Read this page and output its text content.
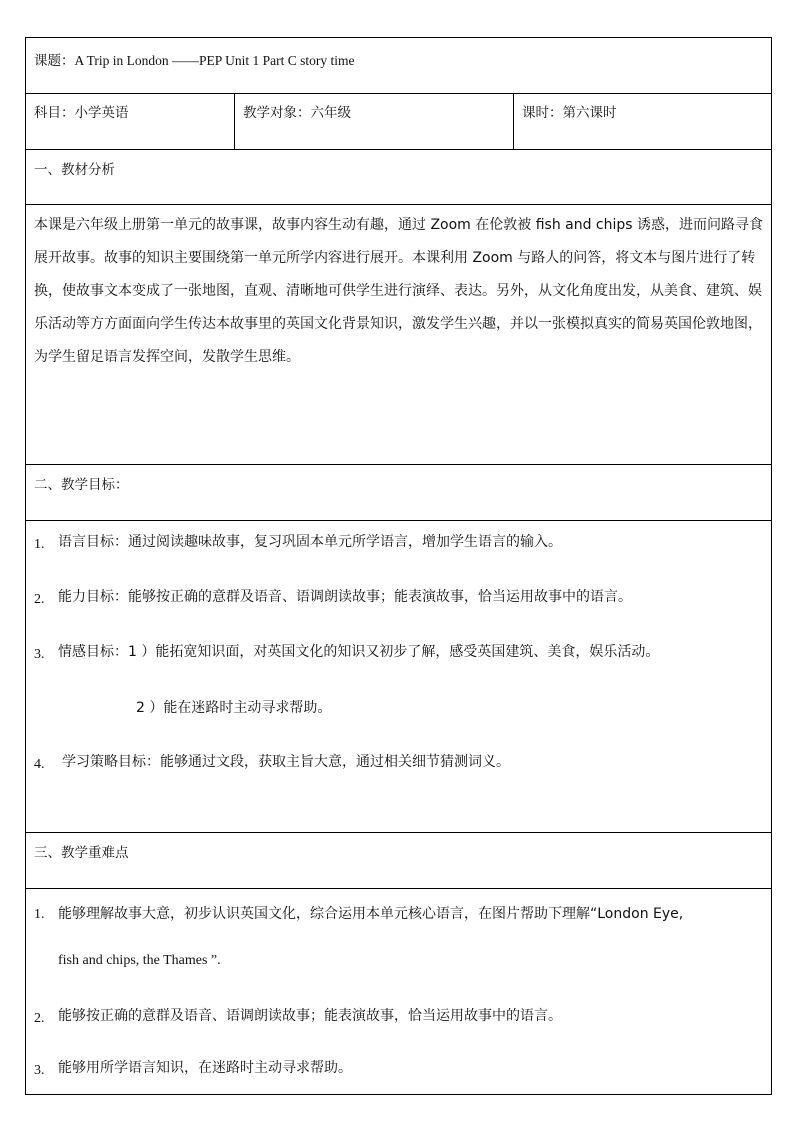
课题：A Trip in London ——PEP Unit 1 Part C story time
科目：小学英语	教学对象：六年级	课时：第六课时
一、教材分析
本课是六年级上册第一单元的故事课，故事内容生动有趣，通过 Zoom 在伦敦被 fish and chips 诱惑，进而问路寻食展开故事。故事的知识主要围绕第一单元所学内容进行展开。本课利用 Zoom 与路人的问答，将文本与图片进行了转换，使故事文本变成了一张地图，直观、清晰地可供学生进行演绎、表达。另外，从文化角度出发，从美食、建筑、娱乐活动等方方面面向学生传达本故事里的英国文化背景知识，激发学生兴趣，并以一张模拟真实的简易英国伦敦地图，为学生留足语言发挥空间，发散学生思维。
二、教学目标：
1. 语言目标：通过阅读趣味故事，复习巩固本单元所学语言，增加学生语言的输入。
2. 能力目标：能够按正确的意群及语音、语调朗读故事；能表演故事，恰当运用故事中的语言。
3. 情感目标：1 ）能拓宽知识面，对英国文化的知识又初步了解，感受英国建筑、美食，娱乐活动。
2 ）能在迷路时主动寻求帮助。
4. 学习策略目标：能够通过文段，获取主旨大意，通过相关细节猜测词义。
三、教学重难点
1. 能够理解故事大意，初步认识英国文化，综合运用本单元核心语言，在图片帮助下理解“London Eye,
fish and chips, the Thames ”.
2. 能够按正确的意群及语音、语调朗读故事；能表演故事，恰当运用故事中的语言。
3. 能够用所学语言知识，在迷路时主动寻求帮助。
